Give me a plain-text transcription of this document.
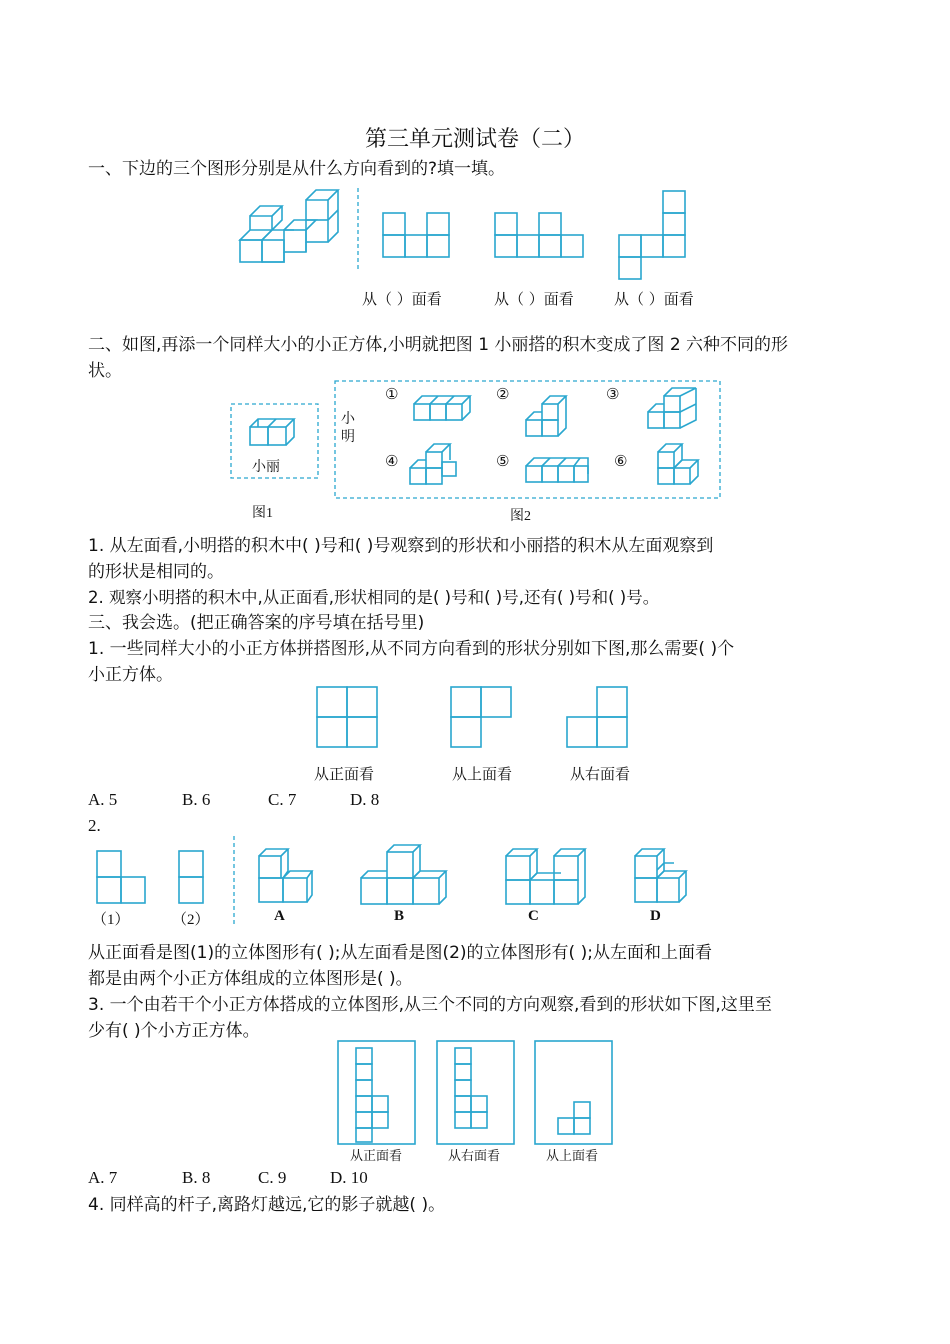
第三单元测试卷（二）
一、下边的三个图形分别是从什么方向看到的?填一填。
从（ ）面看	从（ ）面看	从（ ）面看
二、如图,再添一个同样大小的小正方体,小明就把图 1 小丽搭的积木变成了图 2 六种不同的形
状。
小丽
图1
小明
①	②	③
④	⑤	⑥
图2
1. 从左面看,小明搭的积木中( )号和( )号观察到的形状和小丽搭的积木从左面观察到
的形状是相同的。
2. 观察小明搭的积木中,从正面看,形状相同的是( )号和( )号,还有( )号和( )号。
三、我会选。(把正确答案的序号填在括号里)
1. 一些同样大小的小正方体拼搭图形,从不同方向看到的形状分别如下图,那么需要( )个
小正方体。
从正面看	从上面看	从右面看
A. 5	B. 6	C. 7	D. 8
2.
（1）	（2）	A	B	C	D
从正面看是图(1)的立体图形有( );从左面看是图(2)的立体图形有( );从左面和上面看
都是由两个小正方体组成的立体图形是( )。
3. 一个由若干个小正方体搭成的立体图形,从三个不同的方向观察,看到的形状如下图,这里至
少有( )个小方正方体。
从正面看	从右面看	从上面看
A. 7	B. 8	C. 9	D. 10
4. 同样高的杆子,离路灯越远,它的影子就越( )。
